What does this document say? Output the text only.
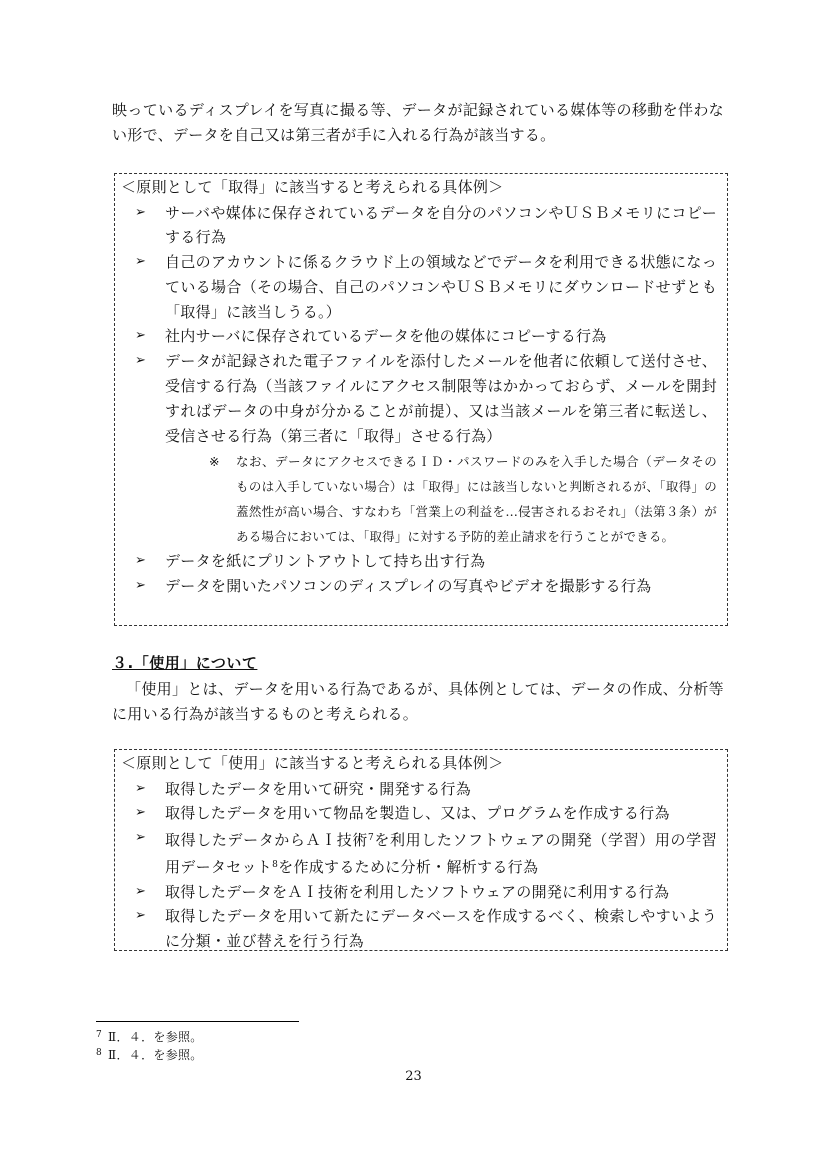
映っているディスプレイを写真に撮る等、データが記録されている媒体等の移動を伴わない形で、データを自己又は第三者が手に入れる行為が該当する。

＜原則として「取得」に該当すると考えられる具体例＞

➢ サーバや媒体に保存されているデータを自分のパソコンやＵＳＢメモリにコピーする行為
➢ 自己のアカウントに係るクラウド上の領域などでデータを利用できる状態になっている場合（その場合、自己のパソコンやＵＳＢメモリにダウンロードせずとも「取得」に該当しうる。）
➢ 社内サーバに保存されているデータを他の媒体にコピーする行為
➢ データが記録された電子ファイルを添付したメールを他者に依頼して送付させ、受信する行為（当該ファイルにアクセス制限等はかかっておらず、メールを開封すればデータの中身が分かることが前提）、又は当該メールを第三者に転送し、受信させる行為（第三者に「取得」させる行為）
※ なお、データにアクセスできるＩＤ・パスワードのみを入手した場合（データそのものは入手していない場合）は「取得」には該当しないと判断されるが、「取得」の蓋然性が高い場合、すなわち「営業上の利益を…侵害されるおそれ」（法第３条）がある場合においては、「取得」に対する予防的差止請求を行うことができる。
➢ データを紙にプリントアウトして持ち出す行為
➢ データを開いたパソコンのディスプレイの写真やビデオを撮影する行為
３.「使用」について

「使用」とは、データを用いる行為であるが、具体例としては、データの作成、分析等に用いる行為が該当するものと考えられる。

＜原則として「使用」に該当すると考えられる具体例＞

➢ 取得したデータを用いて研究・開発する行為
➢ 取得したデータを用いて物品を製造し、又は、プログラムを作成する行為
➢ 取得したデータからＡＩ技術$^7$を利用したソフトウェアの開発（学習）用の学習用データセット$^8$を作成するために分析・解析する行為
➢ 取得したデータをＡＩ技術を利用したソフトウェアの開発に利用する行為
➢ 取得したデータを用いて新たにデータベースを作成するべく、検索しやすいように分類・並び替えを行う行為
$^7$ Ⅱ．４．を参照。
$^8$ Ⅱ．４．を参照。
23
